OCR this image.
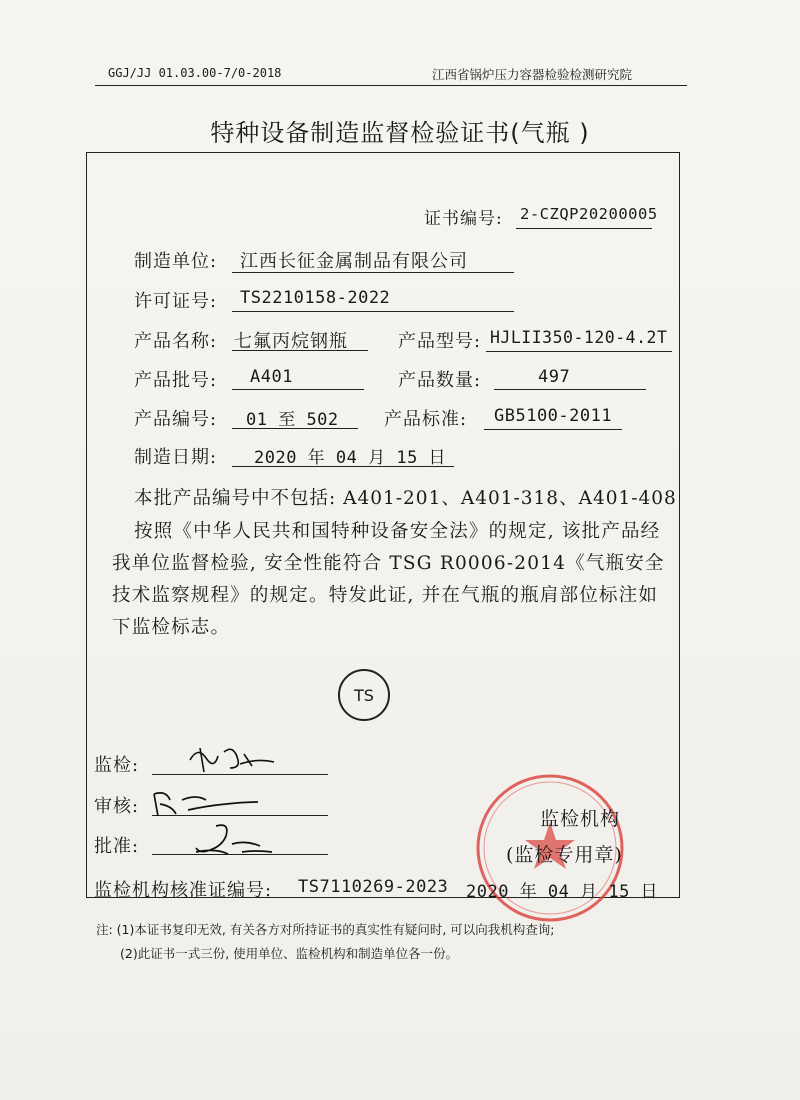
GGJ/JJ 01.03.00-7/0-2018	江西省锅炉压力容器检验检测研究院
特种设备制造监督检验证书(气瓶 )
证书编号: 2-CZQP20200005
制造单位: 江西长征金属制品有限公司
许可证号: TS2210158-2022
产品名称: 七氟丙烷钢瓶	产品型号: HJLII350-120-4.2T
产品批号: A401	产品数量:	497
产品编号: 01 至 502	产品标准: GB5100-2011
制造日期: 2020 年 04 月 15 日
本批产品编号中不包括: A401-201、A401-318、A401-408
按照《中华人民共和国特种设备安全法》的规定, 该批产品经我单位监督检验, 安全性能符合 TSG R0006-2014《气瓶安全技术监察规程》的规定。特发此证, 并在气瓶的瓶肩部位标注如下监检标志。
TS
监检:
审核:
批准:
监检机构
(监检专用章)
监检机构核准证编号: TS7110269-2023 2020 年 04 月 15 日
注: (1)本证书复印无效, 有关各方对所持证书的真实性有疑问时, 可以向我机构查询;
(2)此证书一式三份, 使用单位、监检机构和制造单位各一份。
